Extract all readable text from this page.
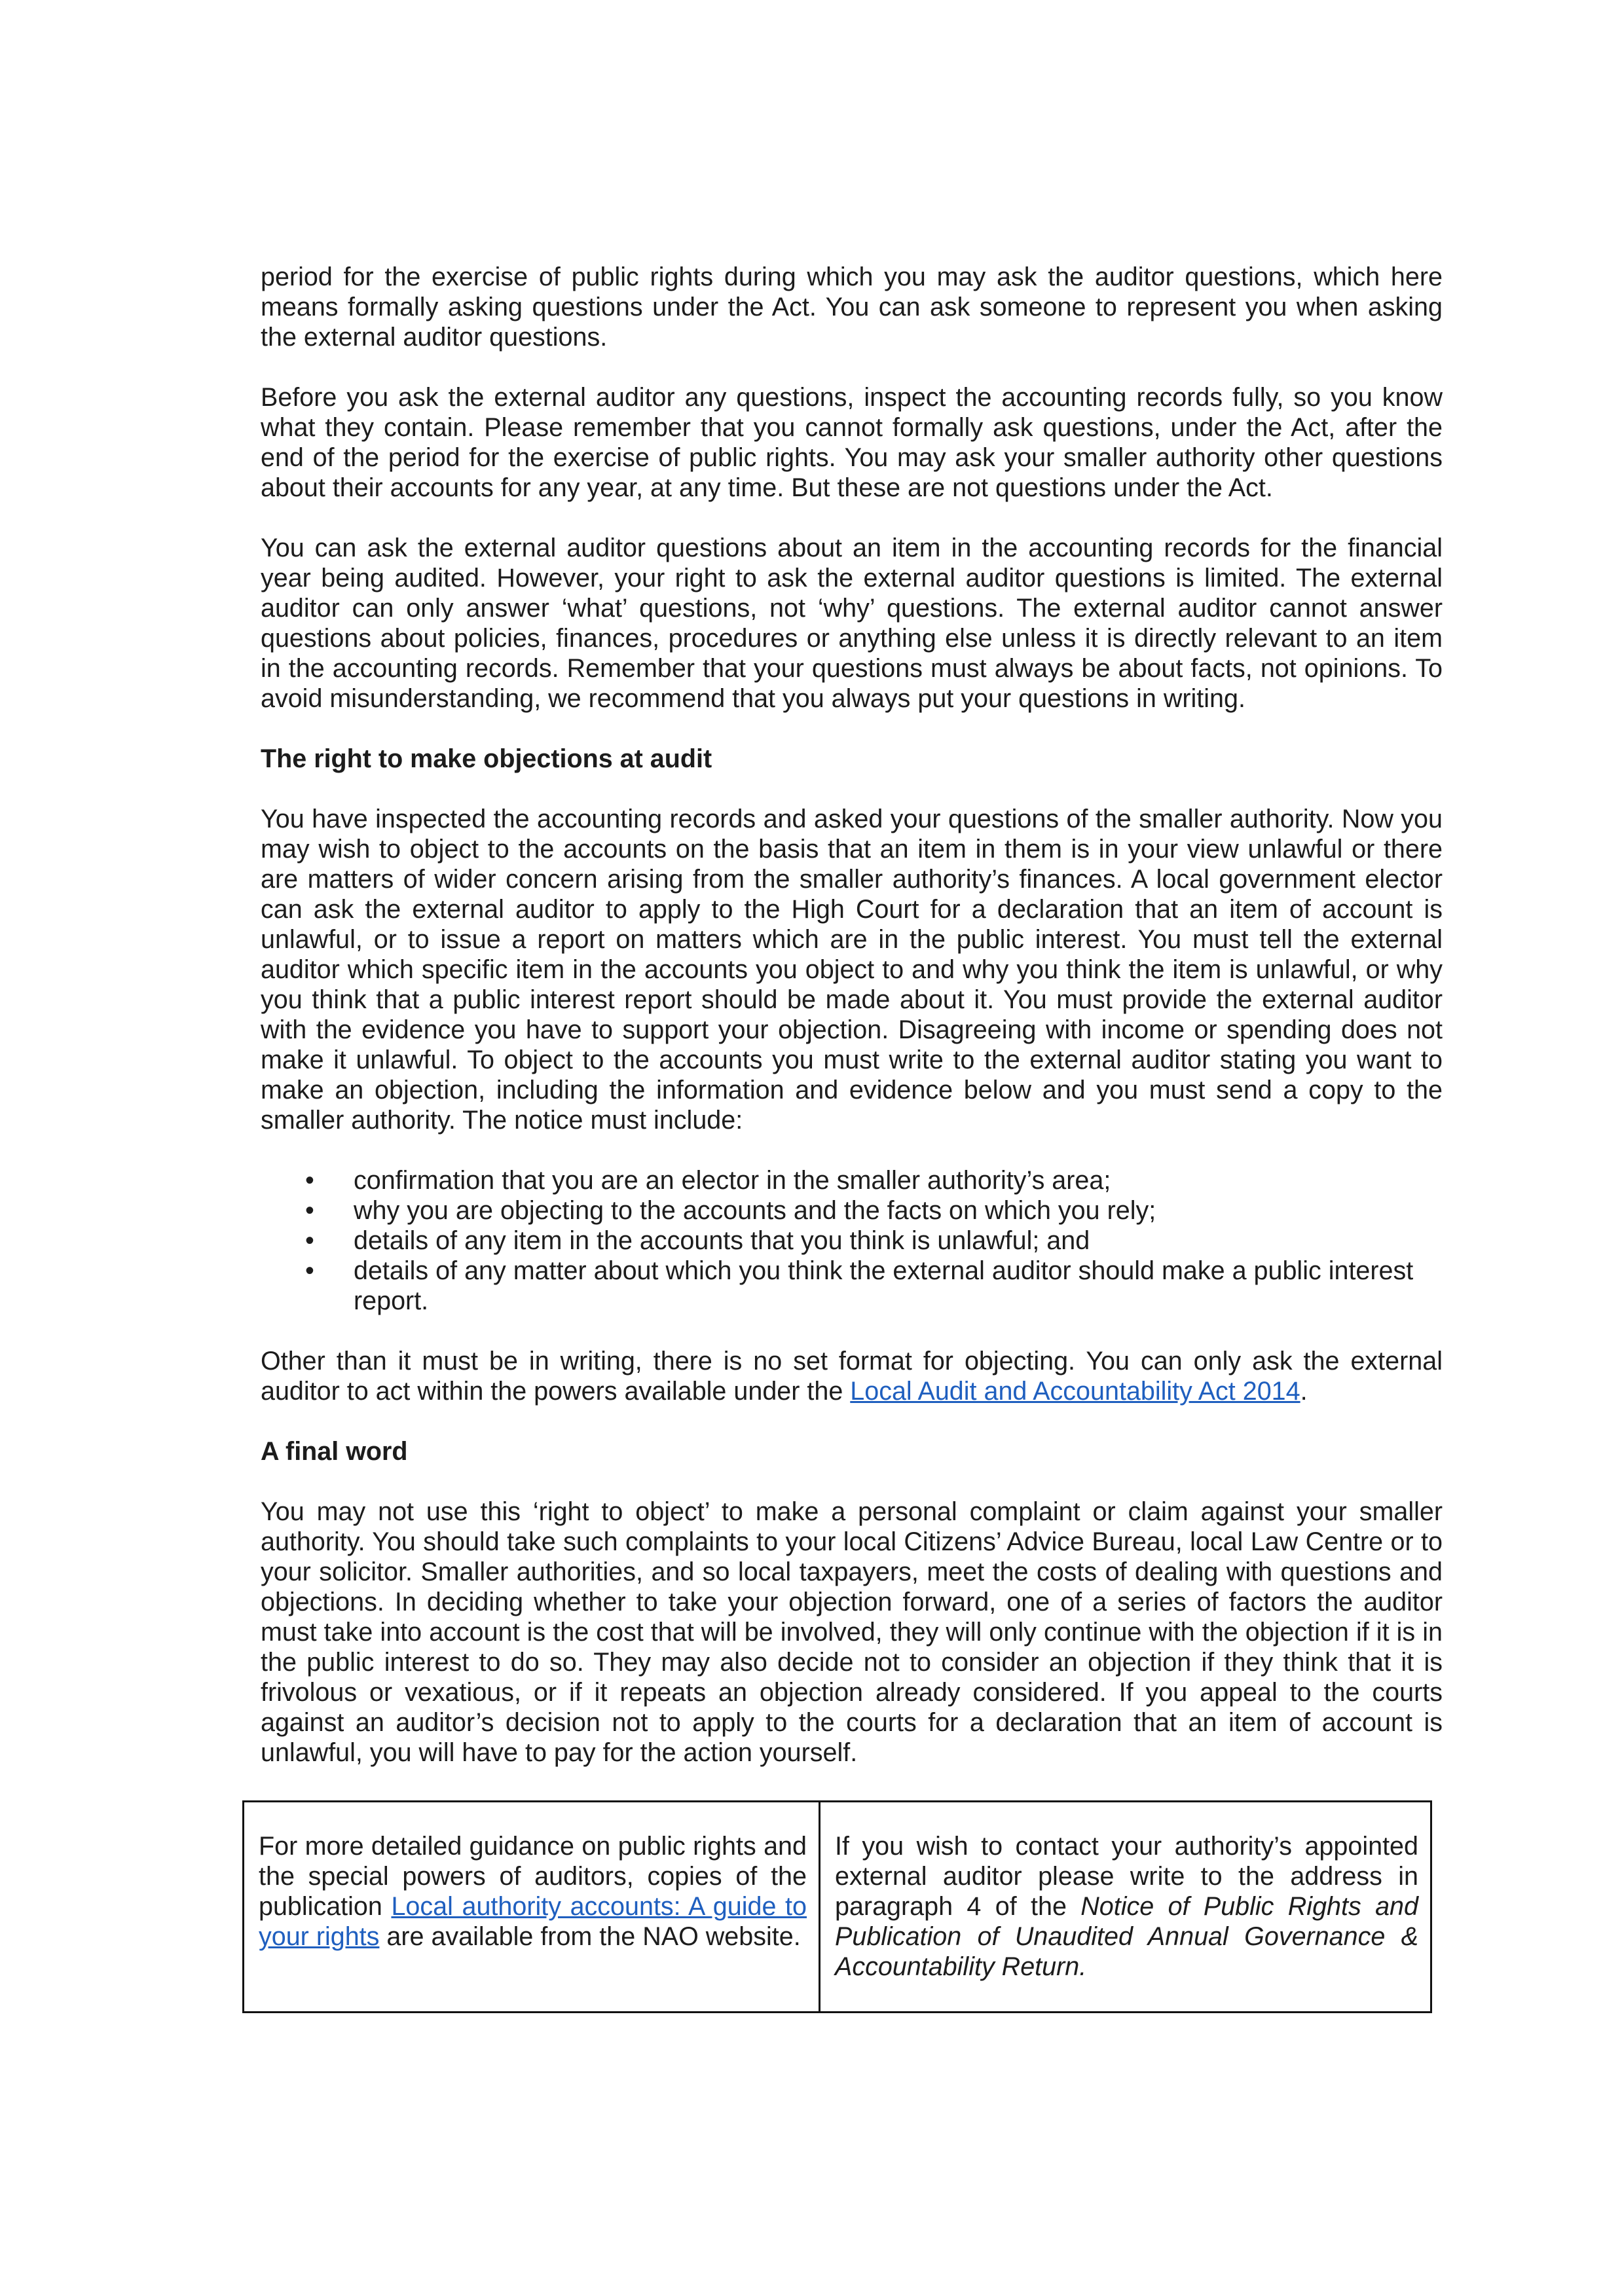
period for the exercise of public rights during which you may ask the auditor questions, which here means formally asking questions under the Act. You can ask someone to represent you when asking the external auditor questions.

Before you ask the external auditor any questions, inspect the accounting records fully, so you know what they contain. Please remember that you cannot formally ask questions, under the Act, after the end of the period for the exercise of public rights. You may ask your smaller authority other questions about their accounts for any year, at any time. But these are not questions under the Act.

You can ask the external auditor questions about an item in the accounting records for the financial year being audited. However, your right to ask the external auditor questions is limited. The external auditor can only answer ‘what’ questions, not ‘why’ questions. The external auditor cannot answer questions about policies, finances, procedures or anything else unless it is directly relevant to an item in the accounting records. Remember that your questions must always be about facts, not opinions. To avoid misunderstanding, we recommend that you always put your questions in writing.

The right to make objections at audit

You have inspected the accounting records and asked your questions of the smaller authority. Now you may wish to object to the accounts on the basis that an item in them is in your view unlawful or there are matters of wider concern arising from the smaller authority’s finances. A local government elector can ask the external auditor to apply to the High Court for a declaration that an item of account is unlawful, or to issue a report on matters which are in the public interest. You must tell the external auditor which specific item in the accounts you object to and why you think the item is unlawful, or why you think that a public interest report should be made about it. You must provide the external auditor with the evidence you have to support your objection. Disagreeing with income or spending does not make it unlawful. To object to the accounts you must write to the external auditor stating you want to make an objection, including the information and evidence below and you must send a copy to the smaller authority. The notice must include:

• confirmation that you are an elector in the smaller authority’s area;
• why you are objecting to the accounts and the facts on which you rely;
• details of any item in the accounts that you think is unlawful; and
• details of any matter about which you think the external auditor should make a public interest report.

Other than it must be in writing, there is no set format for objecting. You can only ask the external auditor to act within the powers available under the Local Audit and Accountability Act 2014.

A final word

You may not use this ‘right to object’ to make a personal complaint or claim against your smaller authority. You should take such complaints to your local Citizens’ Advice Bureau, local Law Centre or to your solicitor. Smaller authorities, and so local taxpayers, meet the costs of dealing with questions and objections. In deciding whether to take your objection forward, one of a series of factors the auditor must take into account is the cost that will be involved, they will only continue with the objection if it is in the public interest to do so. They may also decide not to consider an objection if they think that it is frivolous or vexatious, or if it repeats an objection already considered. If you appeal to the courts against an auditor’s decision not to apply to the courts for a declaration that an item of account is unlawful, you will have to pay for the action yourself.

For more detailed guidance on public rights and the special powers of auditors, copies of the publication Local authority accounts: A guide to your rights are available from the NAO website.
If you wish to contact your authority’s appointed external auditor please write to the address in paragraph 4 of the Notice of Public Rights and Publication of Unaudited Annual Governance & Accountability Return.
